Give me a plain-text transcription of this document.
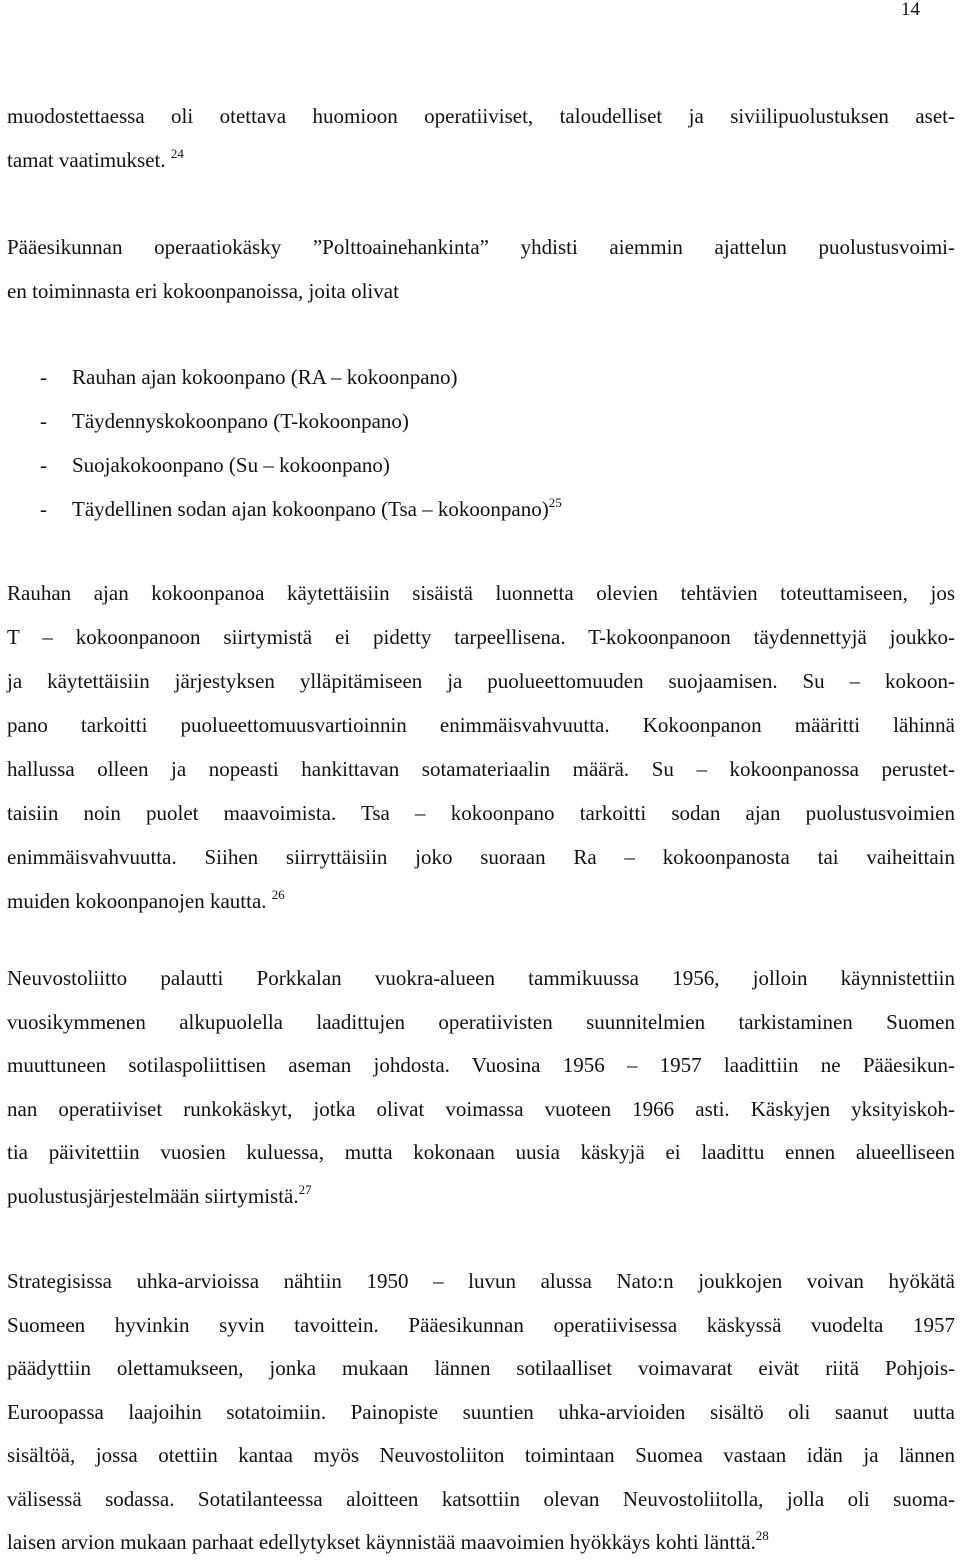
14

muodostettaessa oli otettava huomioon operatiiviset, taloudelliset ja siviilipuolustuksen aset-
tamat vaatimukset. $^{24}$

Pääesikunnan operaatiokäsky ”Polttoainehankinta” yhdisti aiemmin ajattelun puolustusvoimi-
en toiminnasta eri kokoonpanoissa, joita olivat

- Rauhan ajan kokoonpano (RA – kokoonpano)
- Täydennyskokoonpano (T-kokoonpano)
- Suojakokoonpano (Su – kokoonpano)
- Täydellinen sodan ajan kokoonpano (Tsa – kokoonpano)$^{25}$

Rauhan ajan kokoonpanoa käytettäisiin sisäistä luonnetta olevien tehtävien toteuttamiseen, jos
T – kokoonpanoon siirtymistä ei pidetty tarpeellisena. T-kokoonpanoon täydennettyjä joukko-
ja käytettäisiin järjestyksen ylläpitämiseen ja puolueettomuuden suojaamisen. Su – kokoon-
pano tarkoitti puolueettomuusvartioinnin enimmäisvahvuutta. Kokoonpanon määritti lähinnä
hallussa olleen ja nopeasti hankittavan sotamateriaalin määrä. Su – kokoonpanossa perustet-
taisiin noin puolet maavoimista. Tsa – kokoonpano tarkoitti sodan ajan puolustusvoimien
enimmäisvahvuutta. Siihen siirryttäisiin joko suoraan Ra – kokoonpanosta tai vaiheittain
muiden kokoonpanojen kautta. $^{26}$

Neuvostoliitto palautti Porkkalan vuokra-alueen tammikuussa 1956, jolloin käynnistettiin
vuosikymmenen alkupuolella laadittujen operatiivisten suunnitelmien tarkistaminen Suomen
muuttuneen sotilaspoliittisen aseman johdosta. Vuosina 1956 – 1957 laadittiin ne Pääesikun-
nan operatiiviset runkokäskyt, jotka olivat voimassa vuoteen 1966 asti. Käskyjen yksityiskoh-
tia päivitettiin vuosien kuluessa, mutta kokonaan uusia käskyjä ei laadittu ennen alueelliseen
puolustusjärjestelmään siirtymistä.$^{27}$

Strategisissa uhka-arvioissa nähtiin 1950 – luvun alussa Nato:n joukkojen voivan hyökätä
Suomeen hyvinkin syvin tavoittein. Pääesikunnan operatiivisessa käskyssä vuodelta 1957
päädyttiin olettamukseen, jonka mukaan lännen sotilaalliset voimavarat eivät riitä Pohjois-
Euroopassa laajoihin sotatoimiin. Painopiste suuntien uhka-arvioiden sisältö oli saanut uutta
sisältöä, jossa otettiin kantaa myös Neuvostoliiton toimintaan Suomea vastaan idän ja lännen
välisessä sodassa. Sotatilanteessa aloitteen katsottiin olevan Neuvostoliitolla, jolla oli suoma-
laisen arvion mukaan parhaat edellytykset käynnistää maavoimien hyökkäys kohti länttä.$^{28}$
